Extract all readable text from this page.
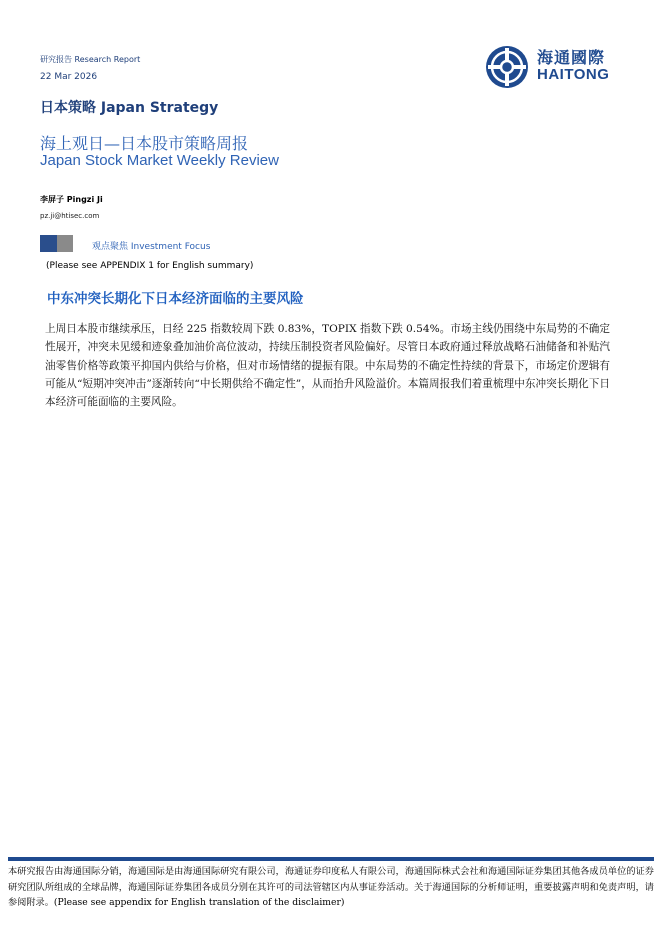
研究报告 Research Report
22 Mar 2026
日本策略 Japan Strategy
海上观日—日本股市策略周报
Japan Stock Market Weekly Review
李屏子 Pingzi Ji
pz.ji@htisec.com
海通國際
HAITONG
观点聚焦 Investment Focus
(Please see APPENDIX 1 for English summary)
中东冲突长期化下日本经济面临的主要风险
上周日本股市继续承压，日经 225 指数较周下跌 0.83%，TOPIX 指数下跌 0.54%。市场主线仍围绕中东局势的不确定性展开，冲突未见缓和迹象叠加油价高位波动，持续压制投资者风险偏好。尽管日本政府通过释放战略石油储备和补贴汽油零售价格等政策平抑国内供给与价格，但对市场情绪的提振有限。中东局势的不确定性持续的背景下，市场定价逻辑有可能从“短期冲突冲击”逐渐转向“中长期供给不确定性”，从而抬升风险溢价。本篇周报我们着重梳理中东冲突长期化下日本经济可能面临的主要风险。
本研究报告由海通国际分销，海通国际是由海通国际研究有限公司，海通证券印度私人有限公司，海通国际株式会社和海通国际证券集团其他各成员单位的证券研究团队所组成的全球品牌，海通国际证券集团各成员分别在其许可的司法管辖区内从事证券活动。关于海通国际的分析师证明，重要披露声明和免责声明，请参阅附录。(Please see appendix for English translation of the disclaimer)
